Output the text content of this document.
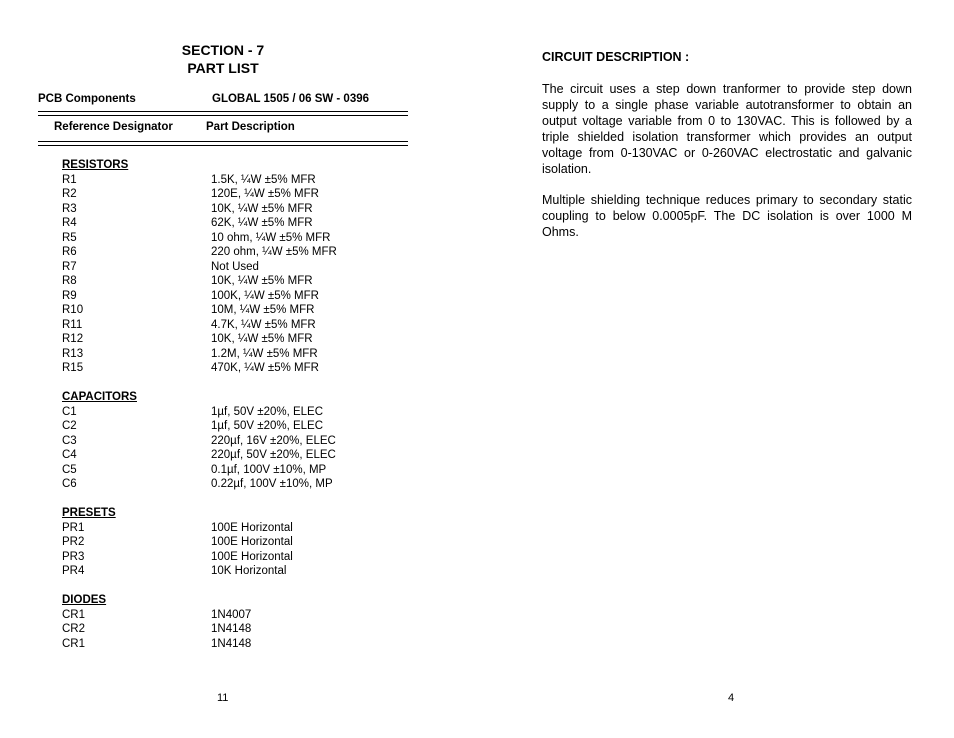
SECTION - 7
PART LIST
PCB Components	GLOBAL 1505 / 06 SW - 0396
Reference Designator	Part Description
RESISTORS
R1	1.5K, ¼W ±5% MFR
R2	120E, ¼W ±5% MFR
R3	10K, ¼W ±5% MFR
R4	62K, ¼W ±5% MFR
R5	10 ohm, ¼W ±5% MFR
R6	220 ohm, ¼W ±5% MFR
R7	Not Used
R8	10K, ¼W ±5% MFR
R9	100K, ¼W ±5% MFR
R10	10M, ¼W ±5% MFR
R11	4.7K, ¼W ±5% MFR
R12	10K, ¼W ±5% MFR
R13	1.2M, ¼W ±5% MFR
R15	470K, ¼W ±5% MFR
CAPACITORS
C1	1µf, 50V ±20%, ELEC
C2	1µf, 50V ±20%, ELEC
C3	220µf, 16V ±20%, ELEC
C4	220µf, 50V ±20%, ELEC
C5	0.1µf, 100V ±10%, MP
C6	0.22µf, 100V ±10%, MP
PRESETS
PR1	100E Horizontal
PR2	100E Horizontal
PR3	100E Horizontal
PR4	10K Horizontal
DIODES
CR1	1N4007
CR2	1N4148
CR1	1N4148
11
CIRCUIT DESCRIPTION :
The circuit uses a step down tranformer to provide step down supply to a single phase variable autotransformer to obtain an output voltage variable from 0 to 130VAC. This is followed by a triple shielded isolation transformer which provides an output voltage from 0-130VAC or 0-260VAC electrostatic and galvanic isolation.
Multiple shielding technique reduces primary to secondary static coupling to below 0.0005pF. The DC isolation is over 1000 M Ohms.
4
